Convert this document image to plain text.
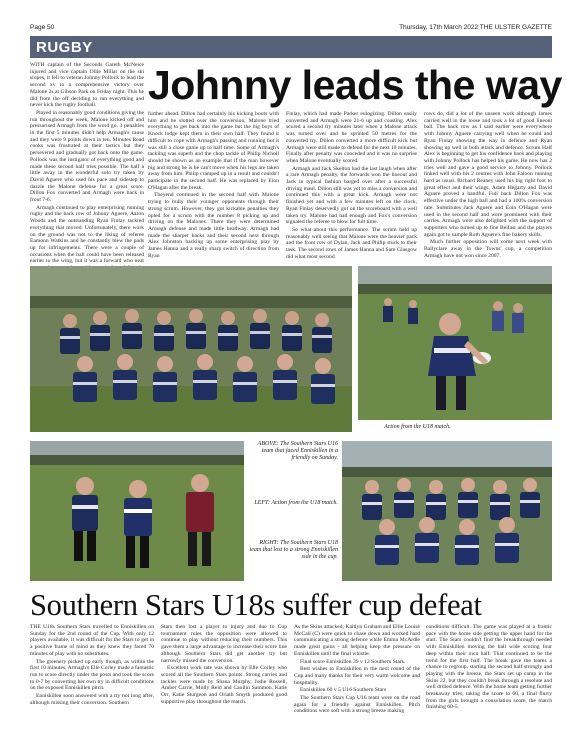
Page 50	Thursday, 17th March 2022 THE ULSTER GAZETTE
RUGBY
Johnny leads the way

WITH captain of the Seconds Gareth McNeice injured and vice captain Ollie Millar on the ski slopes, it fell to veteran Johnny Pollock to lead the second xv to a comprehensive victory over Malone 2s at Gibson Park on Friday night. This he did from the off deciding to run everything and never kick the rugby football.

Played in reasonably good conditions giving the run throughout the week, Malone kicked off and pressurised Armagh from the word go. 3 penalties in the first 5 minutes didn't help Armagh's cause and they were 9 points down in ten. Minutes Read cooks was frustrated at their tactics but they persevered and gradually got back onto the game. Pollock was the instigator of everything good and made these second half tries possible. The half a little away in the wonderful solo try taken by David Aguere who used his pace and sidestep to dazzle the Malone defense for a great score. Dillon Fox converted and Armagh were back in front 7-6.

Armagh continued to play enterprising running rugby and the back row of Johnny Aguere, Aaron Woods and the outstanding Ryan Finlay tackled everything that moved. Unfortunately, there work on the ground was not to the liking of referee Eamonn Watkins and he constantly blew the pads up for infringements. There were a couple of occasions when the ball could have been released earlier to the wing, but it was a forward who neat

further ahead. Dillon had certainly his kicking boots with him and he slotted over the conversion. Malone tried everything to get back into the game but the big boys of Knock lodge kept them in their own half. They found it difficult to cope with Armagh's passing and running but it was still a close game up to half time. Some of Armagh's tackling was superb and the chop tackle of Philip Nicholl should be shown as an example that if the man however big and strong he is he can't move when his legs are taken away from him. Philip cramped up in a result and couldn't participate in the second half. He was replaced by Eion O'Hagan after the break.

Theyend continued in the second half with Malone trying to bully their younger opponents through their strong scrum. However, they got kickable penalties they opted for a scrum with the number 8 picking up and driving on the Malones. There they were determined Armagh defense and made little headway. Armagh had made the sharper backs and their second next through Alex Johnston backing up some enterprising play by James Hanna and a really sharp switch of direction from Ryan

Finlay, which had made Parker eulogizing. Dillon easily converted and Armagh were 21-6 up and coasting. Alex scored a second try minutes later when a Malone attack was turned over and he sprinted 50 metres for the converted try. Dillon converted a more difficult kick but Armagh were still made to defend for the next 10 minutes. Finally after penalty was conceded and it was no surprise when Malone eventually scored.

Armagh and Jack Skelton had the last laugh when after a rare Armagh penalty, the forwards won the lineout and Jack in typical fashion barged over after a successful driving maul. Dillon still was yet to miss a conversion and continued this with a great kick. Armagh were not finished yet and with a few minutes left on the clock, Ryan Finlay deservedly got on the scoreboard with a well taken try. Malone had had enough and Fox's conversion signaled the referee to blow for full time.

So what about this performance. The scrum held up reasonably well seeing that Malone were the heavier pack and the front row of Dylan, Jack and Philip stuck to their task. The second rows of James Hanna and Sam Glasgow did what most second

rows do, did a lot of the unseen work although James carried well in the loose and took a lot of good lineout ball. The back row as I said earlier were everywhere with Johnny Aguere carrying well when he could and Ryan Finlay showing the way in defence and Ryan showing up well in both attack and defence. Scrum Half Alex is beginning to get his confidence back and playing with Johnny Pollock has helped his game. He now has 2 tries well and gave a good service to Johnny. Pollock linked well with his 2 centres with John Faloon running hard as usual. Richard Reaney used his big right foot to great effect and their wings, Adam Hegarty and David Aguere proved a handful. Full back Dillon Fox was effective under the high ball and had a 100% conversion rate. Substitutes Jack Aguere and Eoin O'Hagan were used in the second half and were prominent with their carries. Armagh were also delighted with the support of supporters who turned up to fine Belfast and the players again got to sample Ruth Aguere's fine bakery skills.

Much further opposition will come next week with Ballyclare away in the Towns' cup, a competition Armagh have not won since 2007.

Action from the U18 match.
ABOVE: The Southern Stars U16 team that faced Enniskillen in a friendly on Sunday.
LEFT: Action from the U18 match.
RIGHT: The Southern Stars U18 team that lost to a strong Enniskillen side in the cup.
Southern Stars U18s suffer cup defeat

THE U18s Southern Stars travelled to Enniskillen on Sunday for the 2nd round of the Cup. With only 12 players available, it was difficult for the Stars to get in a positive frame of mind as they knew they faced 70 minutes of play with no substitutes.

The greenery picked up early though, as within the first 10 minutes, Armagh's Elle Corley made a fantastic run to score directly under the posts and took the score to 0-7 by converting her own try in difficult conditions on the exposed Enniskillen pitch.

Enniskillen soon answered with a try not long after, although missing their conversion. Southern

Stars then lost a player to injury and due to Cup tournament rules the opposition were allowed to continue to play without reducing their numbers. This gave them a large advantage to increase their score line although Southern Stars did get another try but narrowly missed the conversion.

Excellent work rate was shown by Elle Corley who scored all the Southern Stars points. Strong carries and tackles were made by Shana Murphy, Jodie Russell, Amber Carrie, Molly Reid and Caoilin Sammon. Katie Orr, Katie Sturgeon and Oriath Smyth produced good supportive play throughout the match.

As the Skins attacked, Kaitlyn Graham and Ellie Louise McCall (C) were quick to chase down and worked hard communicating a strong defence while Emma McArdle made great gains - all helping keep the pressure on Enniskillen until the final whistle.

Final score Enniskillen 39 v 12 Southern Stars.

Best wishes to Enniskillen in the next round of the Cup and many thanks for their very warm welcome and hospitality.

Enniskillen 60 v 5 U16 Southern Stars

The Southern Stars Cup U16 team were on the road again for a friendly against Enniskillen. Pitch conditions were soft with a strong breeze making

conditions difficult. The game was played at a frantic pace with the home side getting the upper hand for the start. The Stars couldn't find the breakthrough needed with Enniskillen moving the ball wide scoring four deep within their own half. That continued to be the trend for the first half. The break gave the teams a chance to regroup, starting the second half strongly and playing with the breeze, the Stars set up camp in the Skins 22, but they couldn't break through a resolute and well drilled defence. With the home team getting further breakaway tries, taking the score to 60, a final flurry from the girls brought a consolation score, the match finishing 60-5.
